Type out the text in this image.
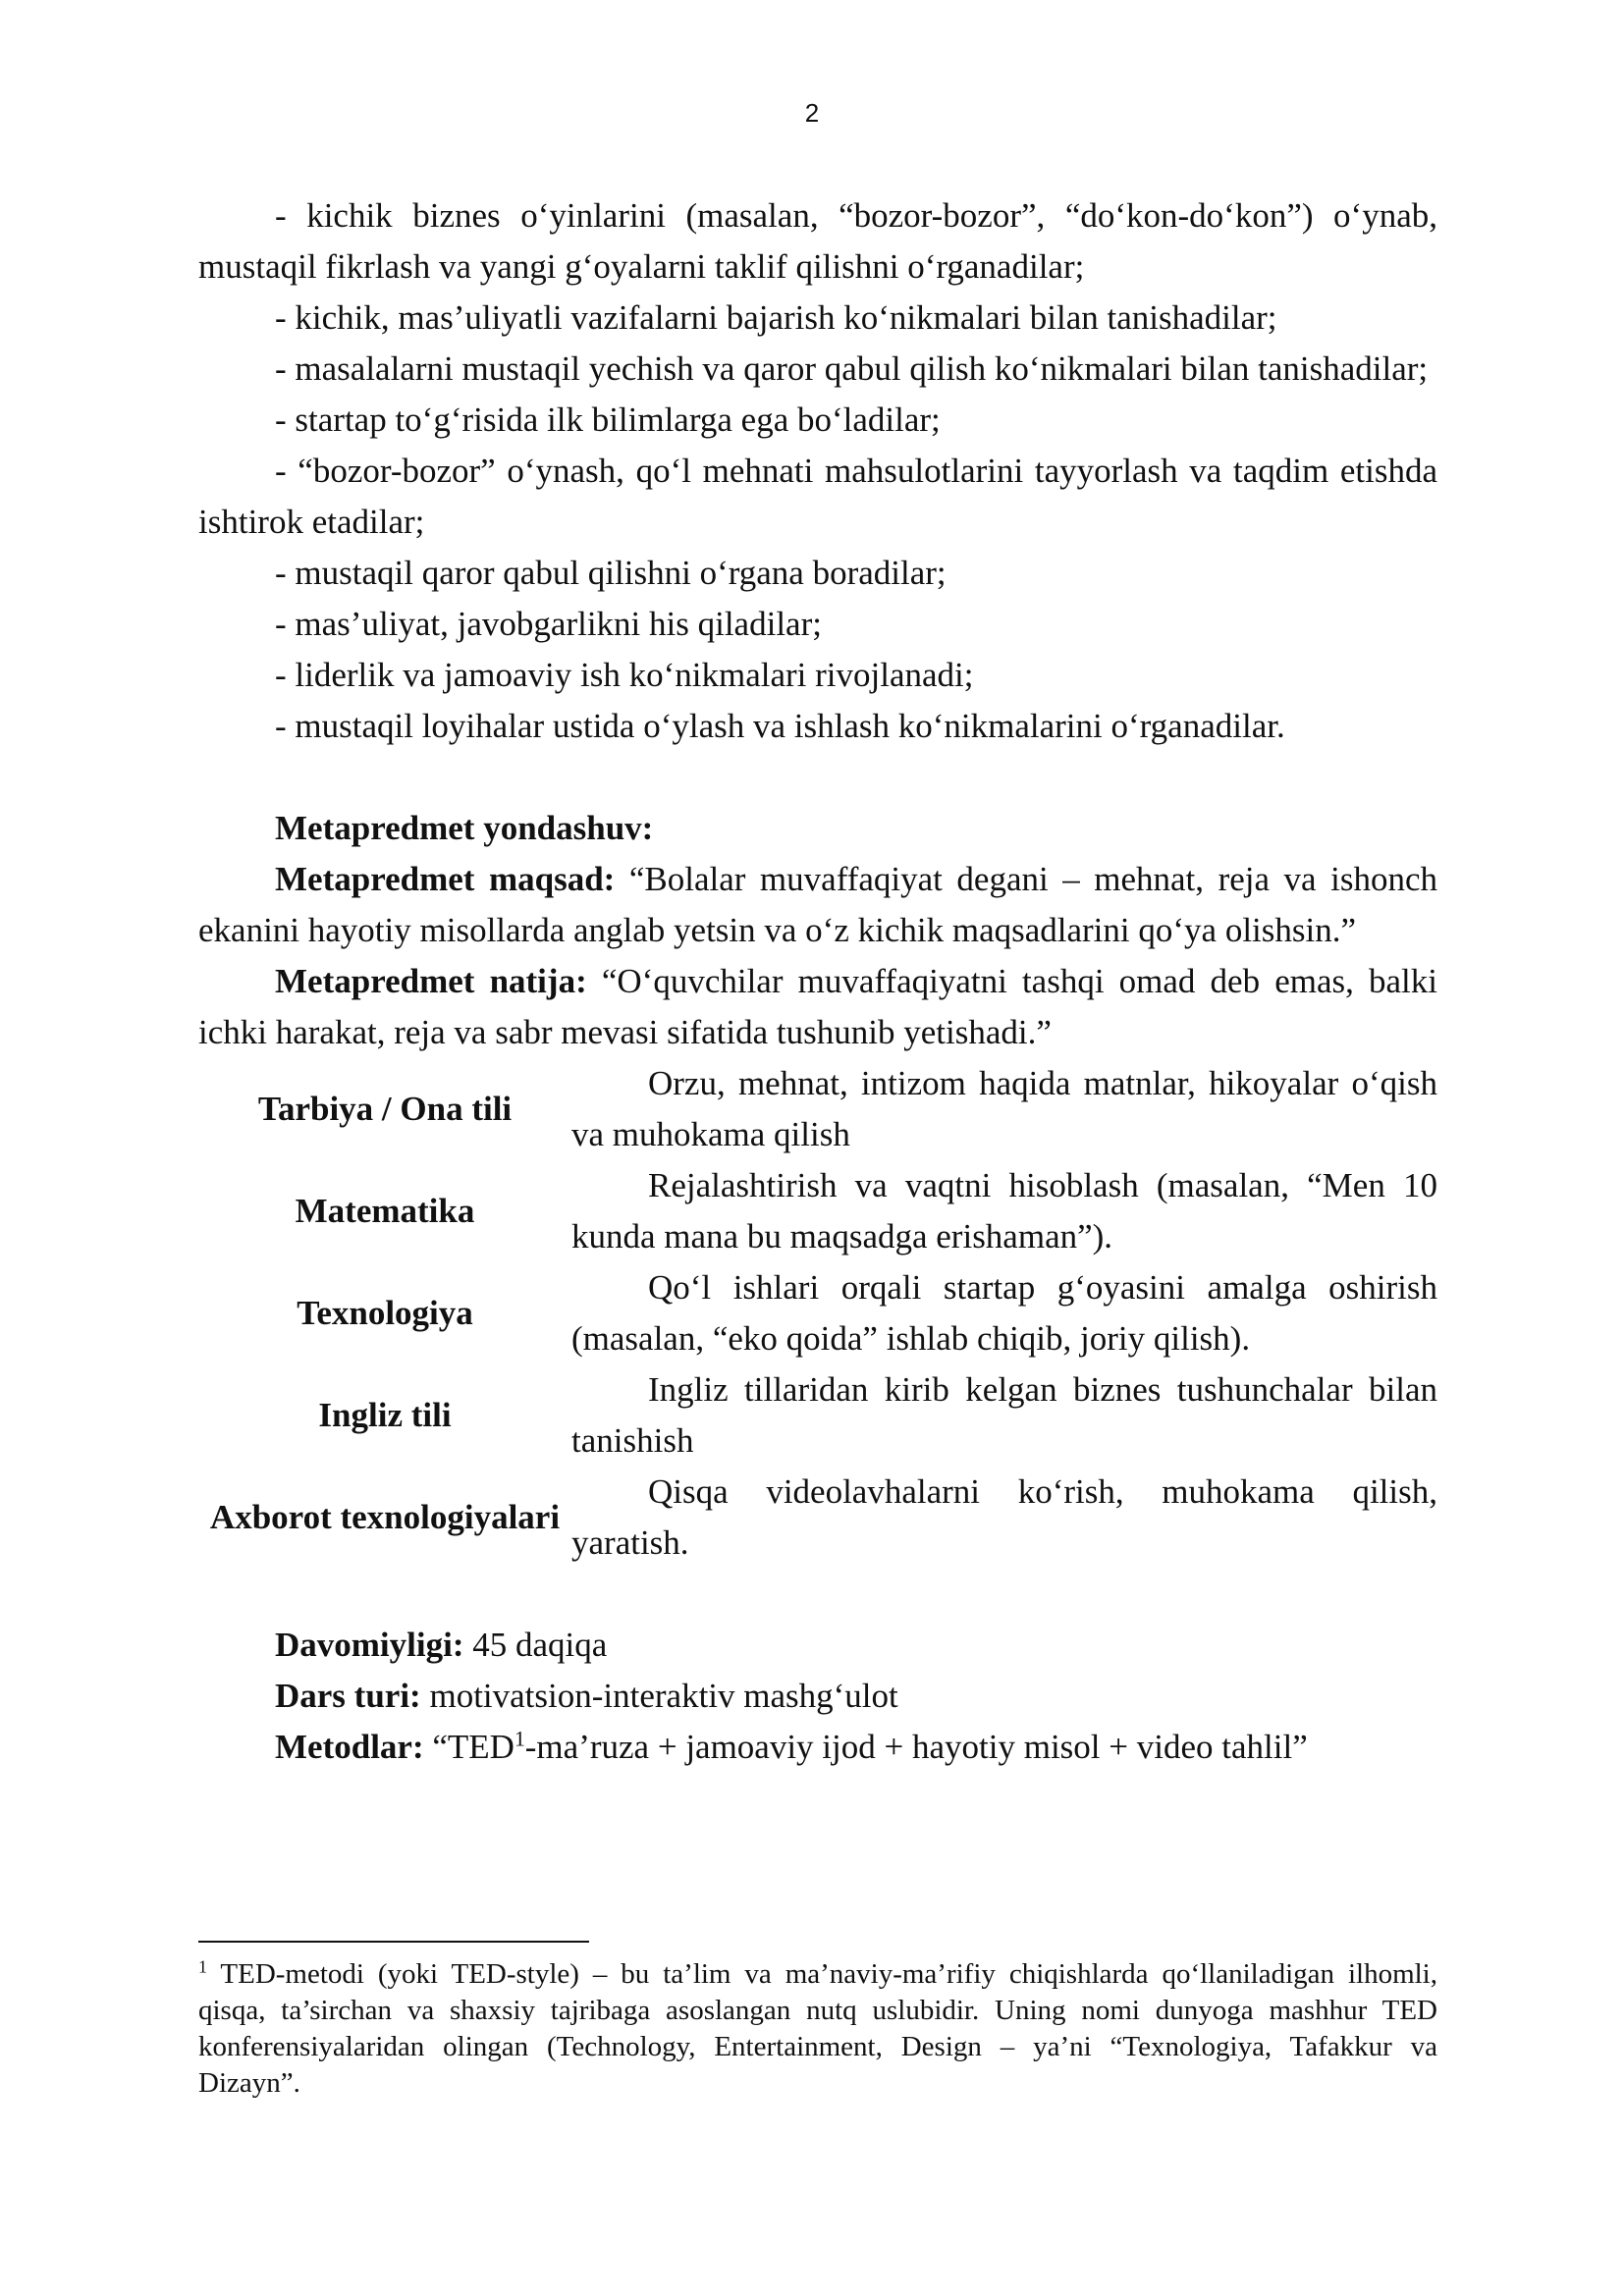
2

- kichik biznes o‘yinlarini (masalan, “bozor-bozor”, “do‘kon-do‘kon”) o‘ynab, mustaqil fikrlash va yangi g‘oyalarni taklif qilishni o‘rganadilar;

- kichik, mas’uliyatli vazifalarni bajarish ko‘nikmalari bilan tanishadilar;

- masalalarni mustaqil yechish va qaror qabul qilish ko‘nikmalari bilan tanishadilar;

- startap to‘g‘risida ilk bilimlarga ega bo‘ladilar;

- “bozor-bozor” o‘ynash, qo‘l mehnati mahsulotlarini tayyorlash va taqdim etishda ishtirok etadilar;

- mustaqil qaror qabul qilishni o‘rgana boradilar;

- mas’uliyat, javobgarlikni his qiladilar;

- liderlik va jamoaviy ish ko‘nikmalari rivojlanadi;

- mustaqil loyihalar ustida o‘ylash va ishlash ko‘nikmalarini o‘rganadilar.

Metapredmet yondashuv:

Metapredmet maqsad: “Bolalar muvaffaqiyat degani – mehnat, reja va ishonch ekanini hayotiy misollarda anglab yetsin va o‘z kichik maqsadlarini qo‘ya olishsin.”

Metapredmet natija: “O‘quvchilar muvaffaqiyatni tashqi omad deb emas, balki ichki harakat, reja va sabr mevasi sifatida tushunib yetishadi.”

Tarbiya / Ona tili

Orzu, mehnat, intizom haqida matnlar, hikoyalar o‘qish va muhokama qilish

Matematika

Rejalashtirish va vaqtni hisoblash (masalan, “Men 10 kunda mana bu maqsadga erishaman”).

Texnologiya

Qo‘l ishlari orqali startap g‘oyasini amalga oshirish (masalan, “eko qoida” ishlab chiqib, joriy qilish).

Ingliz tili

Ingliz tillaridan kirib kelgan biznes tushunchalar bilan tanishish

Axborot texnologiyalari

Qisqa videolavhalarni ko‘rish, muhokama qilish, yaratish.

Davomiyligi: 45 daqiqa

Dars turi: motivatsion-interaktiv mashg‘ulot

Metodlar: “$TED^1-ma’ruza$ + jamoaviy ijod + hayotiy misol + video tahlil”

$^1$ TED-metodi (yoki TED-style) – bu ta’lim va ma’naviy-ma’rifiy chiqishlarda qo‘llaniladigan ilhomli, qisqa, ta’sirchan va shaxsiy tajribaga asoslangan nutq uslubidir. Uning nomi dunyoga mashhur TED konferensiyalaridan olingan (Technology, Entertainment, Design – ya’ni “Texnologiya, Tafakkur va Dizayn”.
